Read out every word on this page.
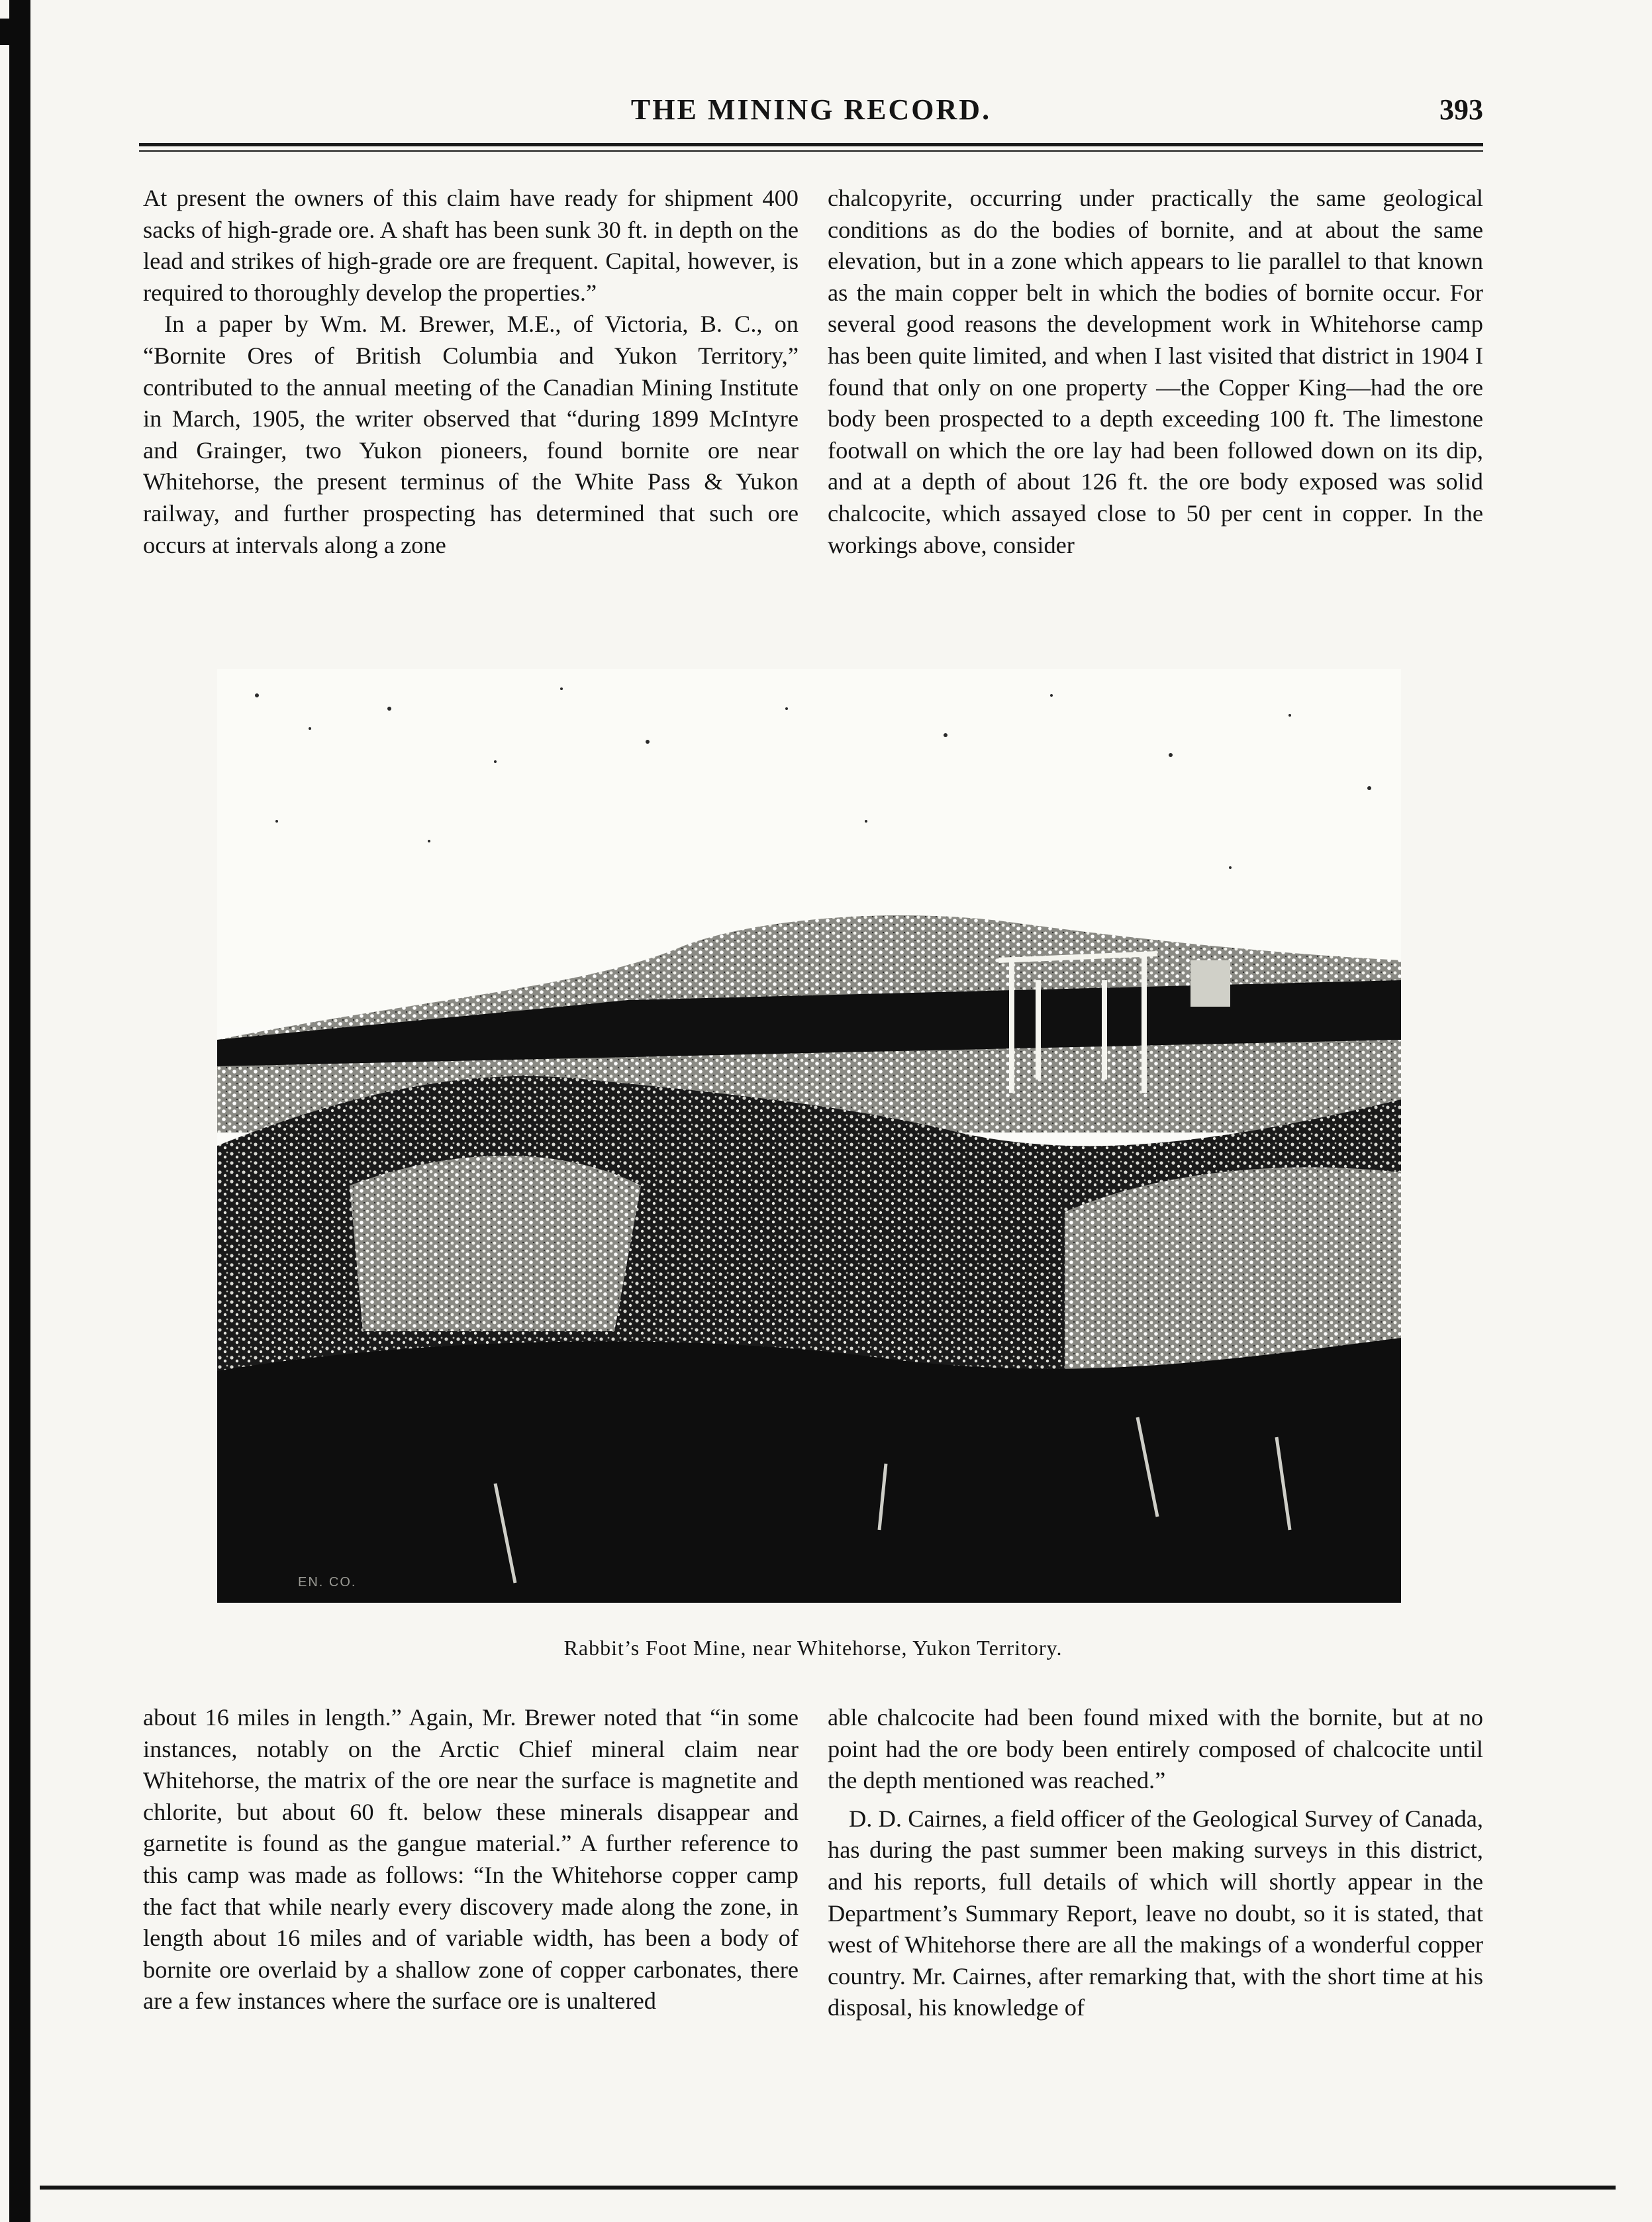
THE MINING RECORD.	393

At present the owners of this claim have ready for shipment 400 sacks of high-grade ore. A shaft has been sunk 30 ft. in depth on the lead and strikes of high-grade ore are frequent. Capital, however, is required to thoroughly develop the properties.”

In a paper by Wm. M. Brewer, M.E., of Victoria, B. C., on “Bornite Ores of British Columbia and Yukon Territory,” contributed to the annual meeting of the Canadian Mining Institute in March, 1905, the writer observed that “during 1899 McIntyre and Grainger, two Yukon pioneers, found bornite ore near Whitehorse, the present terminus of the White Pass & Yukon railway, and further prospecting has determined that such ore occurs at intervals along a zone

chalcopyrite, occurring under practically the same geological conditions as do the bodies of bornite, and at about the same elevation, but in a zone which appears to lie parallel to that known as the main copper belt in which the bodies of bornite occur. For several good reasons the development work in Whitehorse camp has been quite limited, and when I last visited that district in 1904 I found that only on one property —the Copper King—had the ore body been prospected to a depth exceeding 100 ft. The limestone footwall on which the ore lay had been followed down on its dip, and at a depth of about 126 ft. the ore body exposed was solid chalcocite, which assayed close to 50 per cent in copper. In the workings above, consider

EN. CO.
Rabbit’s Foot Mine, near Whitehorse, Yukon Territory.

about 16 miles in length.” Again, Mr. Brewer noted that “in some instances, notably on the Arctic Chief mineral claim near Whitehorse, the matrix of the ore near the surface is magnetite and chlorite, but about 60 ft. below these minerals disappear and garnetite is found as the gangue material.” A further reference to this camp was made as follows: “In the Whitehorse copper camp the fact that while nearly every discovery made along the zone, in length about 16 miles and of variable width, has been a body of bornite ore overlaid by a shallow zone of copper carbonates, there are a few instances where the surface ore is unaltered

able chalcocite had been found mixed with the bornite, but at no point had the ore body been entirely composed of chalcocite until the depth mentioned was reached.”

D. D. Cairnes, a field officer of the Geological Survey of Canada, has during the past summer been making surveys in this district, and his reports, full details of which will shortly appear in the Department’s Summary Report, leave no doubt, so it is stated, that west of Whitehorse there are all the makings of a wonderful copper country. Mr. Cairnes, after remarking that, with the short time at his disposal, his knowledge of
